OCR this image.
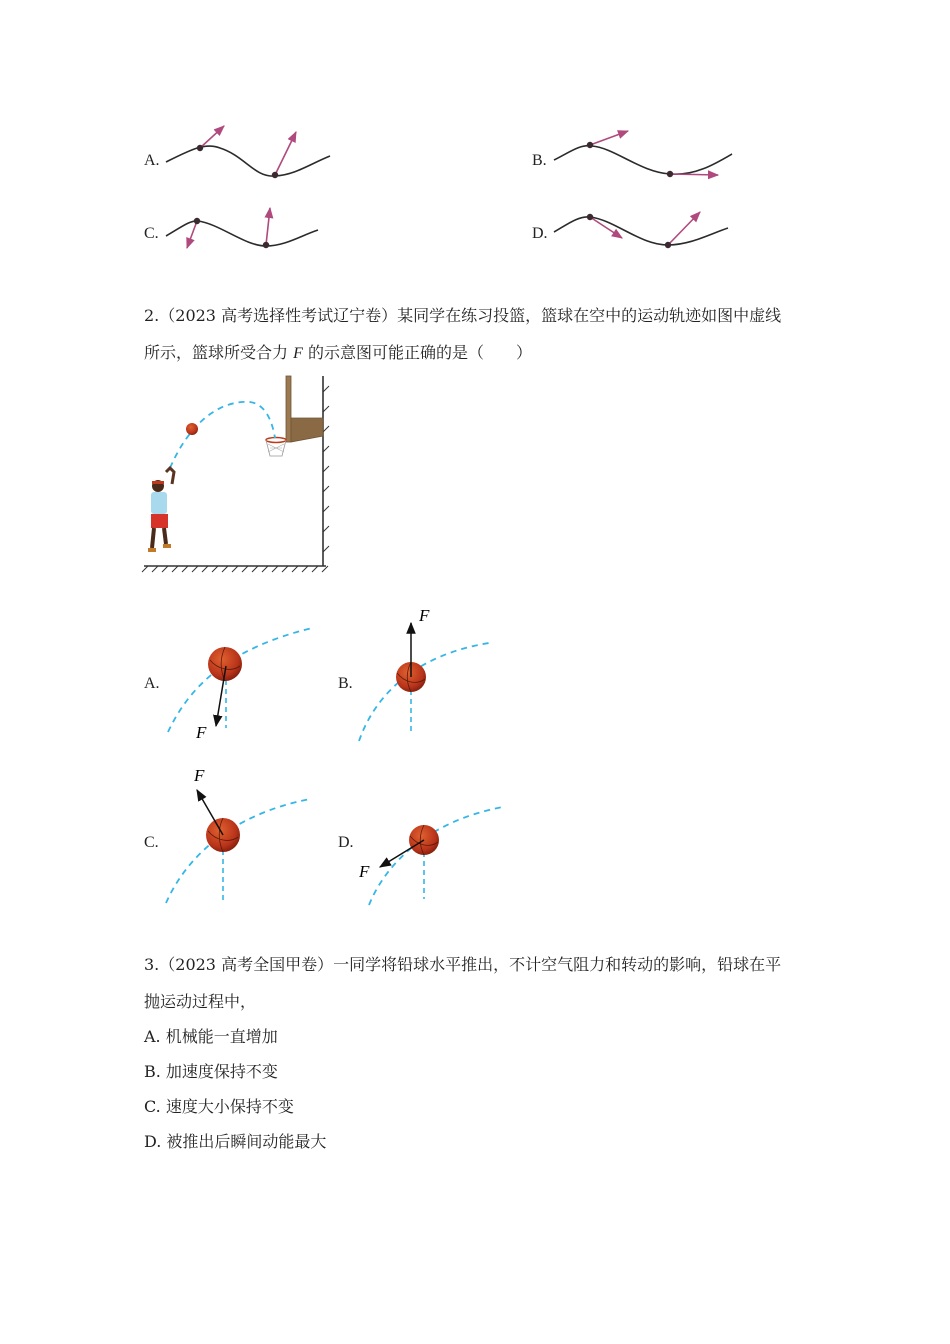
A.	B.
C.	D.
2.（2023 高考选择性考试辽宁卷）某同学在练习投篮，篮球在空中的运动轨迹如图中虚线
所示，篮球所受合力 F 的示意图可能正确的是（　　）
A.
F
B.
F
C.
F
D.
F
3.（2023 高考全国甲卷）一同学将铅球水平推出，不计空气阻力和转动的影响，铅球在平
抛运动过程中，
A. 机械能一直增加
B. 加速度保持不变
C. 速度大小保持不变
D. 被推出后瞬间动能最大
